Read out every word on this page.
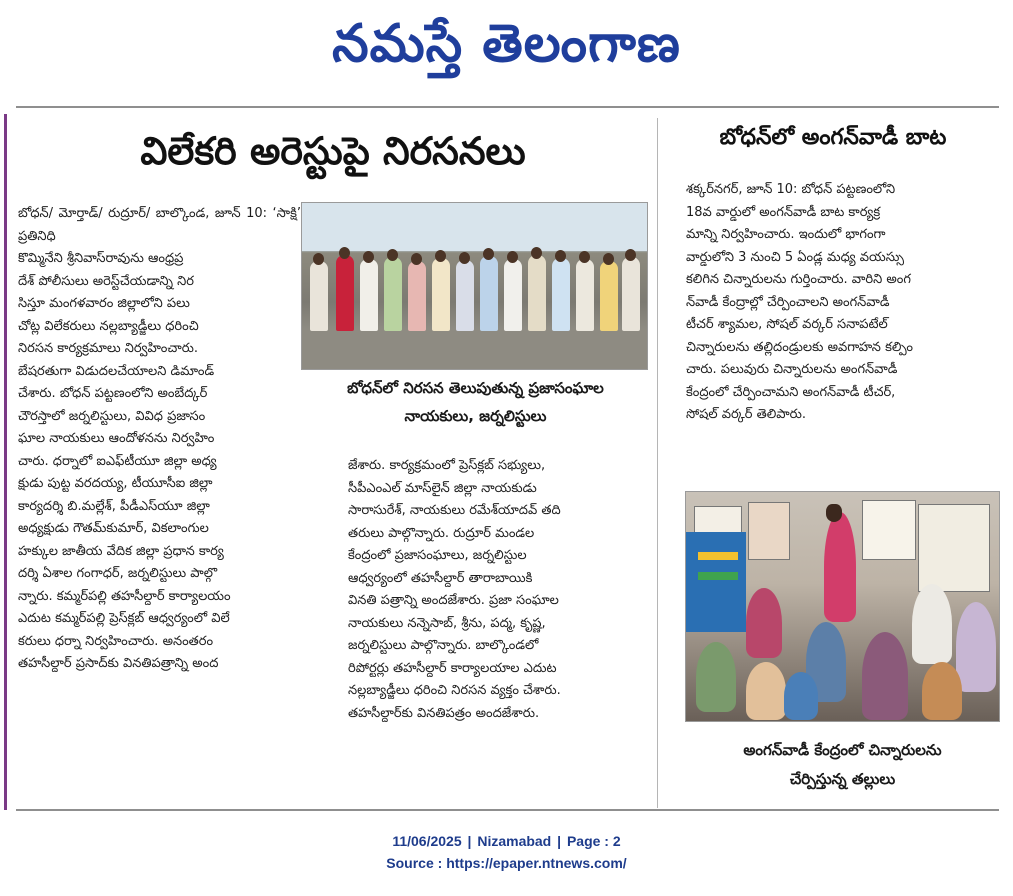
నమస్తే తెలంగాణ
విలేకరి అరెస్టుపై నిరసనలు

బోధన్/ మోర్తాడ్/ రుద్రూర్/ బాల్కొండ, జూన్ 10: ‘సాక్షి’ ప్రతినిధి

కొమ్మినేని శ్రీనివాస్‌రావును ఆంధ్రప్ర

దేశ్ పోలీసులు అరెస్ట్‌చేయడాన్ని నిర

సిస్తూ మంగళవారం జిల్లాలోని పలు

చోట్ల విలేకరులు నల్లబ్యాడ్జీలు ధరించి

నిరసన కార్యక్రమాలు నిర్వహించారు.

బేషరతుగా విడుదలచేయాలని డిమాండ్

చేశారు. బోధన్ పట్టణంలోని అంబేద్కర్

చౌరస్తాలో జర్నలిస్టులు, వివిధ ప్రజాసం

ఘాల నాయకులు ఆందోళనను నిర్వహిం

చారు. ధర్నాలో ఐఎఫ్‌టీయూ జిల్లా అధ్య

క్షుడు పుట్ట వరదయ్య, టీయూసీఐ జిల్లా

కార్యదర్శి బి.మల్లేశ్, పీడీఎస్‌యూ జిల్లా

అధ్యక్షుడు గౌతమ్‌కుమార్, వికలాంగుల

హక్కుల జాతీయ వేదిక జిల్లా ప్రధాన కార్య

దర్శి ఏశాల గంగాధర్, జర్నలిస్టులు పాల్గొ

న్నారు. కమ్మర్‌పల్లి తహసీల్దార్ కార్యాలయం

ఎదుట కమ్మర్‌పల్లి ప్రెస్‌క్లబ్ ఆధ్వర్యంలో విలే

కరులు ధర్నా నిర్వహించారు. అనంతరం

తహసీల్దార్ ప్రసాద్‌కు వినతిపత్రాన్ని అంద

బోధన్‌లో నిరసన తెలుపుతున్న ప్రజాసంఘాల
నాయకులు, జర్నలిస్టులు

జేశారు. కార్యక్రమంలో ప్రెస్‌క్లబ్ సభ్యులు,

సీపీఎంఎల్ మాస్‌లైన్ జిల్లా నాయకుడు

సారాసురేశ్, నాయకులు రమేశ్‌యాదవ్ తది

తరులు పాల్గొన్నారు. రుద్రూర్ మండల

కేంద్రంలో ప్రజాసంఘాలు, జర్నలిస్టుల

ఆధ్వర్యంలో తహసీల్దార్ తారాబాయికి

వినతి పత్రాన్ని అందజేశారు. ప్రజా సంఘాల

నాయకులు నన్నెసాబ్, శ్రీను, పద్మ, కృష్ణ,

జర్నలిస్టులు పాల్గొన్నారు. బాల్కొండలో

రిపోర్టర్లు తహసీల్దార్ కార్యాలయాల ఎదుట

నల్లబ్యాడ్జీలు ధరించి నిరసన వ్యక్తం చేశారు.

తహసీల్దార్‌కు వినతిపత్రం అందజేశారు.

బోధన్‌లో అంగన్‌వాడీ బాట

శక్కర్‌నగర్, జూన్ 10: బోధన్ పట్టణంలోని

18వ వార్డులో అంగన్‌వాడీ బాట కార్యక్ర

మాన్ని నిర్వహించారు. ఇందులో భాగంగా

వార్డులోని 3 నుంచి 5 ఏండ్ల మధ్య వయస్సు

కలిగిన చిన్నారులను గుర్తించారు. వారిని అంగ

న్‌వాడీ కేంద్రాల్లో చేర్పించాలని అంగన్‌వాడీ

టీచర్ శ్యామల, సోషల్ వర్కర్ సనాపటేల్

చిన్నారులను తల్లిదండ్రులకు అవగాహన కల్పిం

చారు. పలువురు చిన్నారులను అంగన్‌వాడీ

కేంద్రంలో చేర్పించామని అంగన్‌వాడీ టీచర్,

సోషల్ వర్కర్ తెలిపారు.

అంగన్‌వాడీ కేంద్రంలో చిన్నారులను
చేర్పిస్తున్న తల్లులు
11/06/2025 | Nizamabad | Page : 2
Source : https://epaper.ntnews.com/
